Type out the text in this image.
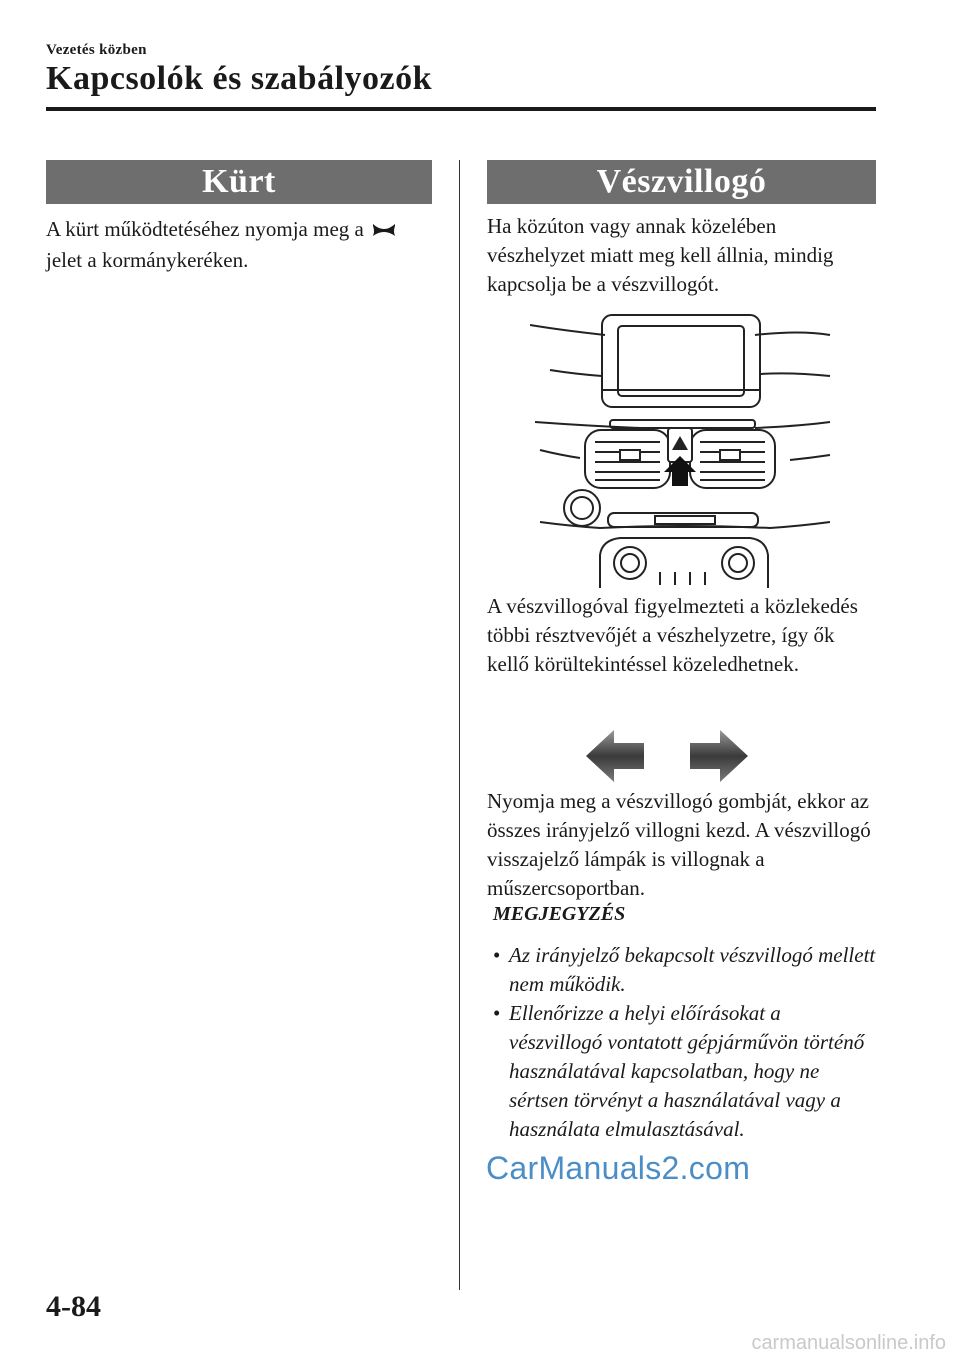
Vezetés közben
Kapcsolók és szabályozók
Kürt
A kürt működtetéséhez nyomja meg a
jelet a kormánykeréken.
Vészvillogó
Ha közúton vagy annak közelében vészhelyzet miatt meg kell állnia, mindig kapcsolja be a vészvillogót.
A vészvillogóval figyelmezteti a közlekedés többi résztvevőjét a vészhelyzetre, így ők kellő körültekintéssel közeledhetnek.
Nyomja meg a vészvillogó gombját, ekkor az összes irányjelző villogni kezd. A vészvillogó visszajelző lámpák is villognak a műszercsoportban.
MEGJEGYZÉS
• Az irányjelző bekapcsolt vészvillogó mellett nem működik.
• Ellenőrizze a helyi előírásokat a vészvillogó vontatott gépjárművön történő használatával kapcsolatban, hogy ne sértsen törvényt a használatával vagy a használata elmulasztásával.
CarManuals2.com
4-84
carmanualsonline.info
